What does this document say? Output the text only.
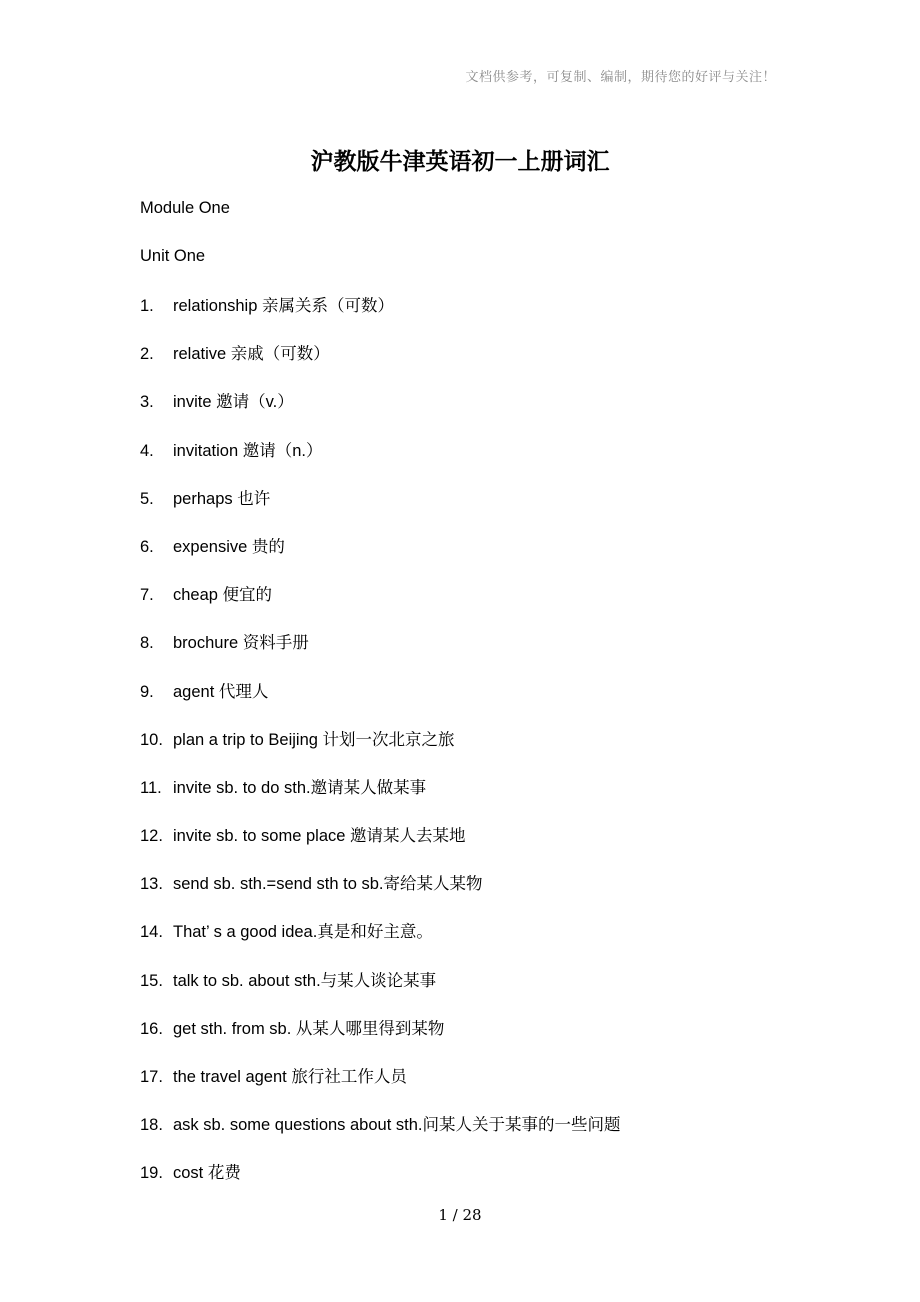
文档供参考，可复制、编制，期待您的好评与关注！
沪教版牛津英语初一上册词汇
Module One
Unit One
1.	relationship 亲属关系（可数）
2.	relative 亲戚（可数）
3.	invite 邀请（v.）
4.	invitation 邀请（n.）
5.	perhaps 也许
6.	expensive 贵的
7.	cheap 便宜的
8.	brochure 资料手册
9.	agent 代理人
10. plan a trip to Beijing 计划一次北京之旅
11. invite sb. to do sth.邀请某人做某事
12. invite sb. to some place 邀请某人去某地
13. send sb. sth.=send sth to sb.寄给某人某物
14. That’ s a good idea.真是和好主意。
15. talk to sb. about sth.与某人谈论某事
16. get sth. from sb. 从某人哪里得到某物
17. the travel agent 旅行社工作人员
18. ask sb. some questions about sth.问某人关于某事的一些问题
19. cost 花费
1 / 28
